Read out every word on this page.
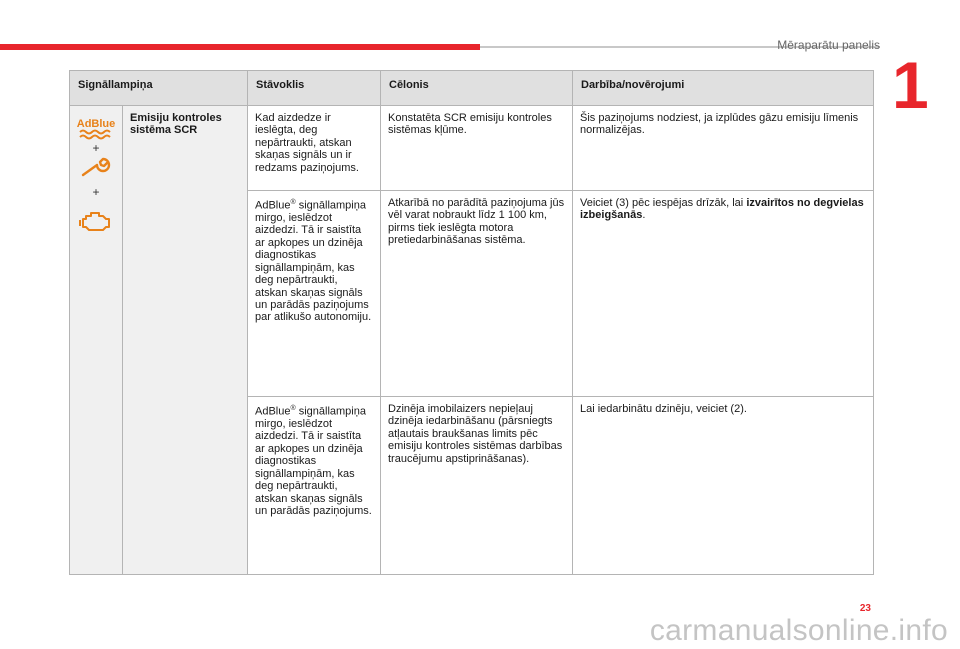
Mēraparātu panelis
1
Signāllampiņa		Stāvoklis	Cēlonis	Darbība/novērojumi

AdBlue
+
+	Emisiju kontroles sistēma SCR	Kad aizdedze ir ieslēgta, deg nepārtraukti, atskan skaņas signāls un ir redzams paziņojums.	Konstatēta SCR emisiju kontroles sistēmas kļūme.	Šis paziņojums nodziest, ja izplūdes gāzu emisiju līmenis normalizējas.
		AdBlue® signāllampiņa mirgo, ieslēdzot aizdedzi. Tā ir saistīta ar apkopes un dzinēja diagnostikas signāllampiņām, kas deg nepārtraukti, atskan skaņas signāls un parādās paziņojums par atlikušo autonomiju.	Atkarībā no parādītā paziņojuma jūs vēl varat nobraukt līdz 1 100 km, pirms tiek ieslēgta motora pretiedarbināšanas sistēma.	Veiciet (3) pēc iespējas drīzāk, lai izvairītos no degvielas izbeigšanās.
		AdBlue® signāllampiņa mirgo, ieslēdzot aizdedzi. Tā ir saistīta ar apkopes un dzinēja diagnostikas signāllampiņām, kas deg nepārtraukti, atskan skaņas signāls un parādās paziņojums.	Dzinēja imobilaizers nepieļauj dzinēja iedarbināšanu (pārsniegts atļautais braukšanas limits pēc emisiju kontroles sistēmas darbības traucējumu apstiprināšanas).	Lai iedarbinātu dzinēju, veiciet (2).
23
carmanualsonline.info
